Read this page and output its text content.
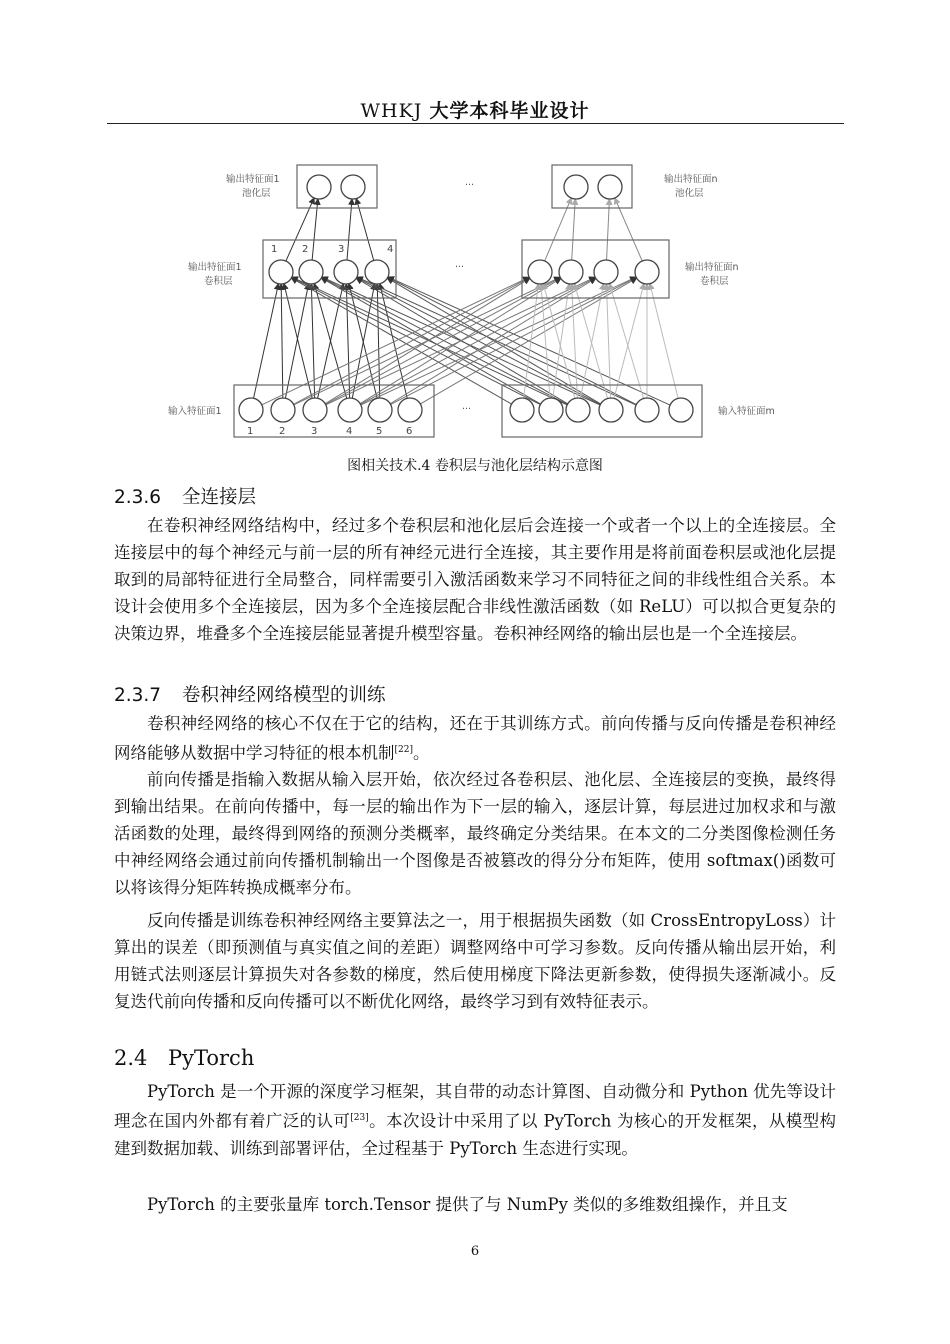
WHKJ 大学本科毕业设计
输出特征面1
池化层
输出特征面n
池化层
输出特征面1
卷积层
输出特征面n
卷积层
输入特征面1	输入特征面m
···
···
···
1 2	3	4
1	2	3	4 5 6
图相关技术.4 卷积层与池化层结构示意图
2.3.6 全连接层

在卷积神经网络结构中，经过多个卷积层和池化层后会连接一个或者一个以上的全连接层。全连接层中的每个神经元与前一层的所有神经元进行全连接，其主要作用是将前面卷积层或池化层提取到的局部特征进行全局整合，同样需要引入激活函数来学习不同特征之间的非线性组合关系。本设计会使用多个全连接层，因为多个全连接层配合非线性激活函数（如 ReLU）可以拟合更复杂的决策边界，堆叠多个全连接层能显著提升模型容量。卷积神经网络的输出层也是一个全连接层。

2.3.7 卷积神经网络模型的训练

卷积神经网络的核心不仅在于它的结构，还在于其训练方式。前向传播与反向传播是卷积神经网络能够从数据中学习特征的根本机制[22]。

前向传播是指输入数据从输入层开始，依次经过各卷积层、池化层、全连接层的变换，最终得到输出结果。在前向传播中，每一层的输出作为下一层的输入，逐层计算，每层进过加权求和与激活函数的处理，最终得到网络的预测分类概率，最终确定分类结果。在本文的二分类图像检测任务中神经网络会通过前向传播机制输出一个图像是否被篡改的得分分布矩阵，使用 softmax()函数可以将该得分矩阵转换成概率分布。

反向传播是训练卷积神经网络主要算法之一，用于根据损失函数（如 CrossEntropyLoss）计算出的误差（即预测值与真实值之间的差距）调整网络中可学习参数。反向传播从输出层开始，利用链式法则逐层计算损失对各参数的梯度，然后使用梯度下降法更新参数，使得损失逐渐减小。反复迭代前向传播和反向传播可以不断优化网络，最终学习到有效特征表示。

2.4 PyTorch

PyTorch 是一个开源的深度学习框架，其自带的动态计算图、自动微分和 Python 优先等设计理念在国内外都有着广泛的认可[23]。本次设计中采用了以 PyTorch 为核心的开发框架，从模型构建到数据加载、训练到部署评估，全过程基于 PyTorch 生态进行实现。

PyTorch 的主要张量库 torch.Tensor 提供了与 NumPy 类似的多维数组操作，并且支

6
